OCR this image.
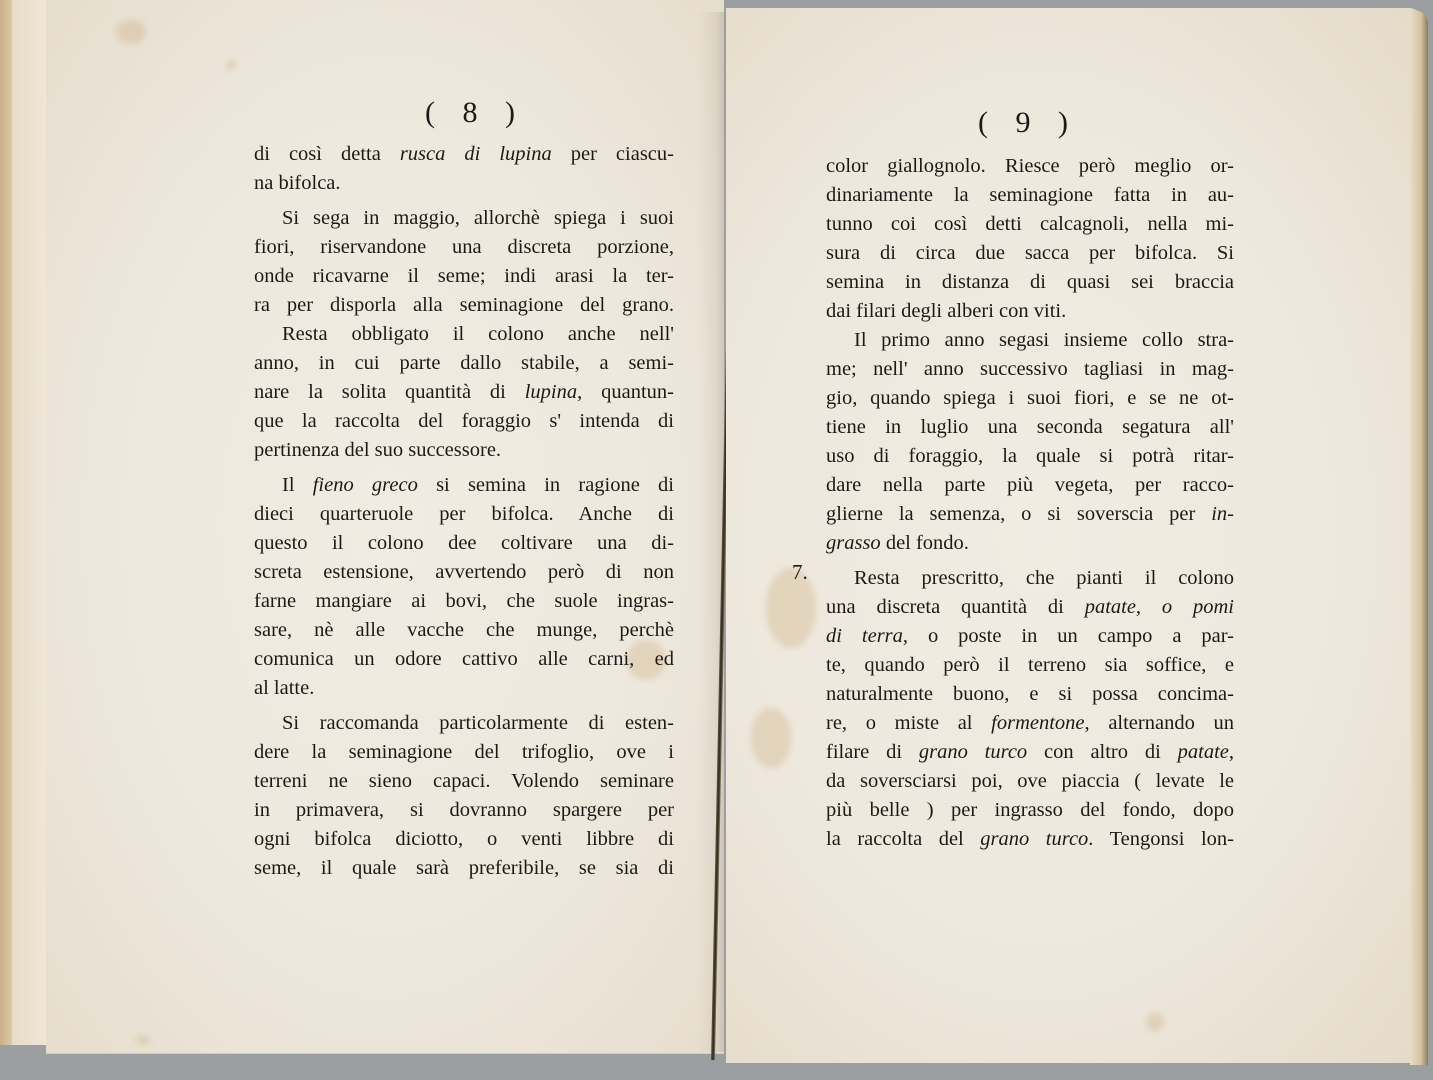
( 8 )	( 9 )
di così detta rusca di lupina per ciascu-
na bifolca.
Si sega in maggio, allorchè spiega i suoi
fiori, riservandone una discreta porzione,
onde ricavarne il seme; indi arasi la ter-
ra per disporla alla seminagione del grano.
Resta obbligato il colono anche nell'
anno, in cui parte dallo stabile, a semi-
nare la solita quantità di lupina, quantun-
que la raccolta del foraggio s' intenda di
pertinenza del suo successore.
Il fieno greco si semina in ragione di
dieci quarteruole per bifolca. Anche di
questo il colono dee coltivare una di-
screta estensione, avvertendo però di non
farne mangiare ai bovi, che suole ingras-
sare, nè alle vacche che munge, perchè
comunica un odore cattivo alle carni, ed
al latte.
Si raccomanda particolarmente di esten-
dere la seminagione del trifoglio, ove i
terreni ne sieno capaci. Volendo seminare
in primavera, si dovranno spargere per
ogni bifolca diciotto, o venti libbre di
seme, il quale sarà preferibile, se sia di
color giallognolo. Riesce però meglio or-
dinariamente la seminagione fatta in au-
tunno coi così detti calcagnoli, nella mi-
sura di circa due sacca per bifolca. Si
semina in distanza di quasi sei braccia
dai filari degli alberi con viti.
Il primo anno segasi insieme collo stra-
me; nell' anno successivo tagliasi in mag-
gio, quando spiega i suoi fiori, e se ne ot-
tiene in luglio una seconda segatura all'
uso di foraggio, la quale si potrà ritar-
dare nella parte più vegeta, per racco-
glierne la semenza, o si soverscia per in-
grasso del fondo.
Resta prescritto, che pianti il colono
una discreta quantità di patate, o pomi
di terra, o poste in un campo a par-
te, quando però il terreno sia soffice, e
naturalmente buono, e si possa concima-
re, o miste al formentone, alternando un
filare di grano turco con altro di patate,
da soversciarsi poi, ove piaccia ( levate le
più belle ) per ingrasso del fondo, dopo
la raccolta del grano turco. Tengonsi lon-
7.
